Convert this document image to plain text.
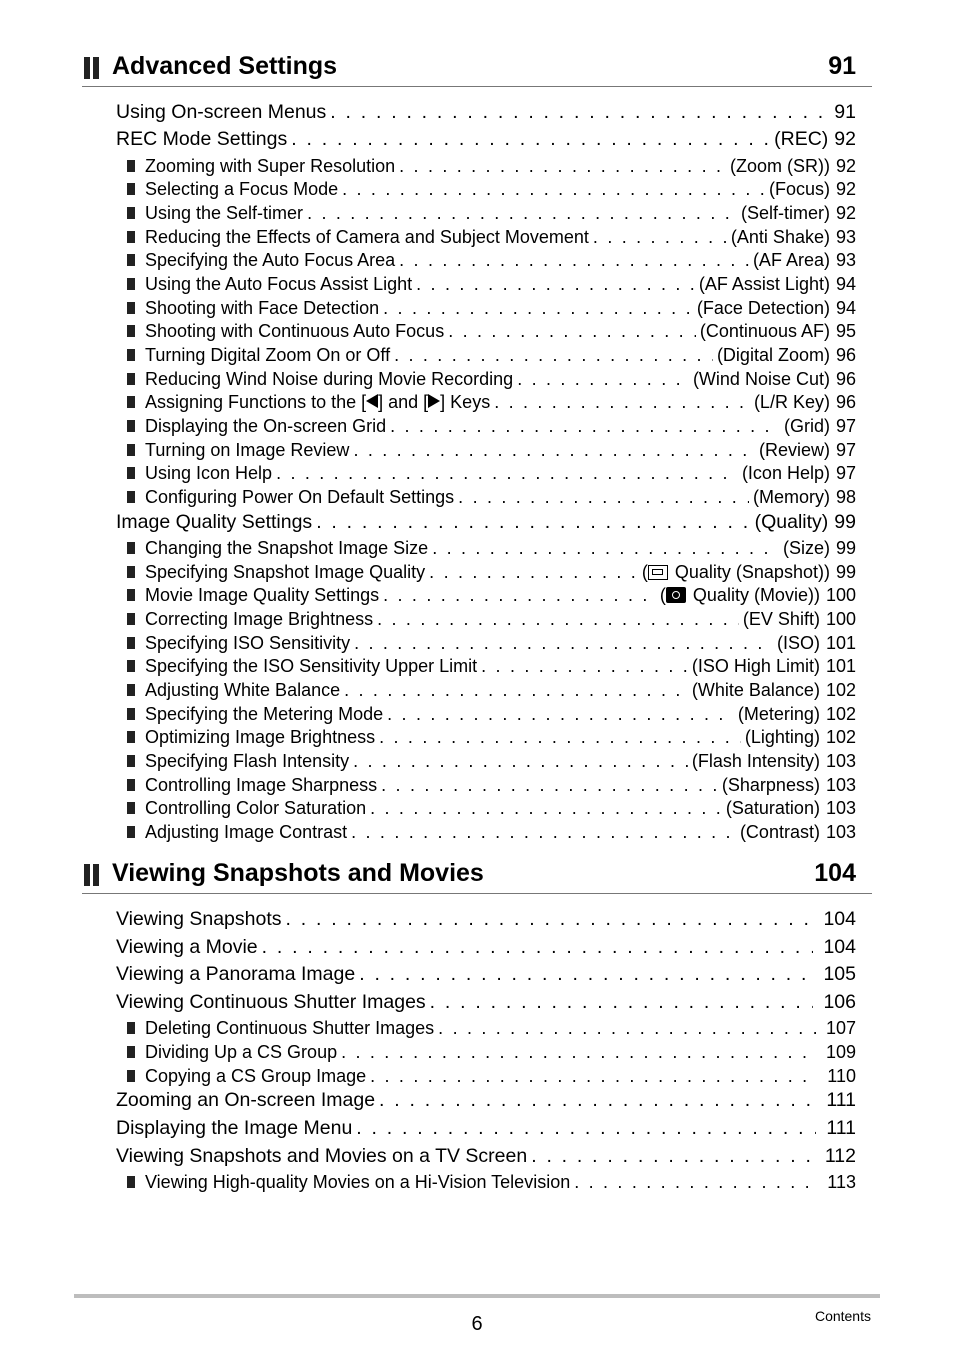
Advanced Settings	91
Using On-screen Menus . . .	91
REC Mode Settings . . .	(REC) 92
Zooming with Super Resolution . . .	(Zoom (SR)) 92
Selecting a Focus Mode . . .	(Focus) 92
Using the Self-timer . . .	(Self-timer) 92
Reducing the Effects of Camera and Subject Movement . . .	(Anti Shake) 93
Specifying the Auto Focus Area . . .	(AF Area) 93
Using the Auto Focus Assist Light . . .	(AF Assist Light) 94
Shooting with Face Detection . . .	(Face Detection) 94
Shooting with Continuous Auto Focus . . .	(Continuous AF) 95
Turning Digital Zoom On or Off . . .	(Digital Zoom) 96
Reducing Wind Noise during Movie Recording . . .	(Wind Noise Cut) 96
Assigning Functions to the [ ] and [ ] Keys . . .	(L/R Key) 96
Displaying the On-screen Grid . . .	(Grid) 97
Turning on Image Review . . .	(Review) 97
Using Icon Help . . .	(Icon Help) 97
Configuring Power On Default Settings . . .	(Memory) 98
Image Quality Settings . . .	(Quality) 99
Changing the Snapshot Image Size . . .	(Size) 99
Specifying Snapshot Image Quality . . .	( Quality (Snapshot)) 99
Movie Image Quality Settings . . .	( Quality (Movie)) 100
Correcting Image Brightness . . .	(EV Shift) 100
Specifying ISO Sensitivity . . .	(ISO) 101
Specifying the ISO Sensitivity Upper Limit . . .	(ISO High Limit) 101
Adjusting White Balance . . .	(White Balance) 102
Specifying the Metering Mode . . .	(Metering) 102
Optimizing Image Brightness . . .	(Lighting) 102
Specifying Flash Intensity . . .	(Flash Intensity) 103
Controlling Image Sharpness . . .	(Sharpness) 103
Controlling Color Saturation . . .	(Saturation) 103
Adjusting Image Contrast . . .	(Contrast) 103
Viewing Snapshots and Movies	104
Viewing Snapshots . . .	104
Viewing a Movie . . .	104
Viewing a Panorama Image . . .	105
Viewing Continuous Shutter Images . . .	106
Deleting Continuous Shutter Images . . .	107
Dividing Up a CS Group . . .	109
Copying a CS Group Image . . .	110
Zooming an On-screen Image . . .	111
Displaying the Image Menu . . .	111
Viewing Snapshots and Movies on a TV Screen . . .	112
Viewing High-quality Movies on a Hi-Vision Television . . .	113
6	Contents
